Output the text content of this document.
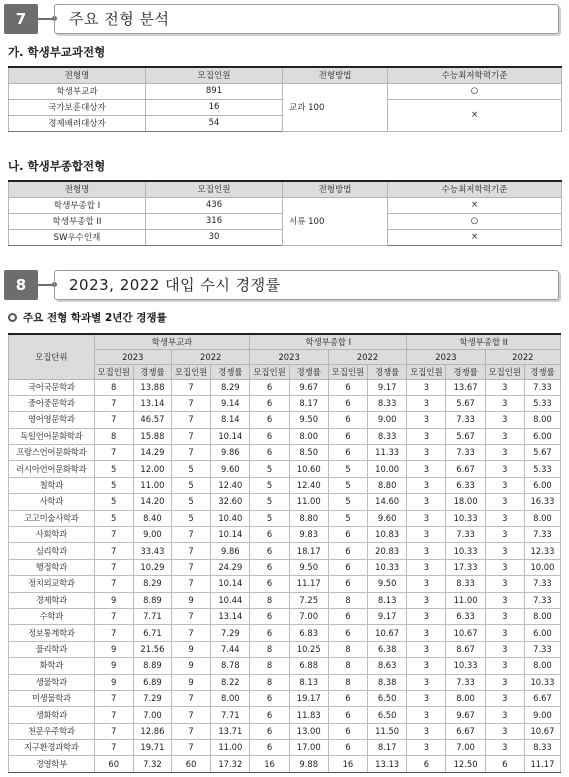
7	주요 전형 분석
가. 학생부교과전형
전형명	모집인원	전형방법	수능최저학력기준
학생부교과	891	교과 100	○
국가보훈대상자	16		×
경제배려대상자	54		
나. 학생부종합전형
전형명	모집인원	전형방법	수능최저학력기준
학생부종합 I	436	서류 100	×
학생부종합 II	316		○
SW우수인재	30		×
8	2023, 2022 대입 수시 경쟁률
주요 전형 학과별 2년간 경쟁률
모집단위	학생부교과				학생부종합 I				학생부종합 II			
	2023		2022		2023		2022		2023		2022	
	모집인원	경쟁률	모집인원	경쟁률	모집인원	경쟁률	모집인원	경쟁률	모집인원	경쟁률	모집인원	경쟁률
국어국문학과	8	13.88	7	8.29	6	9.67	6	9.17	3	13.67	3	7.33
중어중문학과	7	13.14	7	9.14	6	8.17	6	8.33	3	5.67	3	5.33
영어영문학과	7	46.57	7	8.14	6	9.50	6	9.00	3	7.33	3	8.00
독일언어문화학과	8	15.88	7	10.14	6	8.00	6	8.33	3	5.67	3	6.00
프랑스언어문화학과	7	14.29	7	9.86	6	8.50	6	11.33	3	7.33	3	5.67
러시아언어문화학과	5	12.00	5	9.60	5	10.60	5	10.00	3	6.67	3	5.33
철학과	5	11.00	5	12.40	5	12.40	5	8.80	3	6.33	3	6.00
사학과	5	14.20	5	32.60	5	11.00	5	14.60	3	18.00	3	16.33
고고미술사학과	5	8.40	5	10.40	5	8.80	5	9.60	3	10.33	3	8.00
사회학과	7	9.00	7	10.14	6	9.83	6	10.83	3	7.33	3	7.33
심리학과	7	33.43	7	9.86	6	18.17	6	20.83	3	10.33	3	12.33
행정학과	7	10.29	7	24.29	6	9.50	6	10.33	3	17.33	3	10.00
정치외교학과	7	8.29	7	10.14	6	11.17	6	9.50	3	8.33	3	7.33
경제학과	9	8.89	9	10.44	8	7.25	8	8.13	3	11.00	3	7.33
수학과	7	7.71	7	13.14	6	7.00	6	9.17	3	6.33	3	8.00
정보통계학과	7	6.71	7	7.29	6	6.83	6	10.67	3	10.67	3	6.00
물리학과	9	21.56	9	7.44	8	10.25	8	6.38	3	8.67	3	7.33
화학과	9	8.89	9	8.78	8	6.88	8	8.63	3	10.33	3	8.00
생물학과	9	6.89	9	8.22	8	8.13	8	8.38	3	7.33	3	10.33
미생물학과	7	7.29	7	8.00	6	19.17	6	6.50	3	8.00	3	6.67
생화학과	7	7.00	7	7.71	6	11.83	6	6.50	3	9.67	3	9.00
천문우주학과	7	12.86	7	13.71	6	13.00	6	11.50	3	6.67	3	10.67
지구환경과학과	7	19.71	7	11.00	6	17.00	6	8.17	3	7.00	3	8.33
경영학부	60	7.32	60	17.32	16	9.88	16	13.13	6	12.50	6	11.17
